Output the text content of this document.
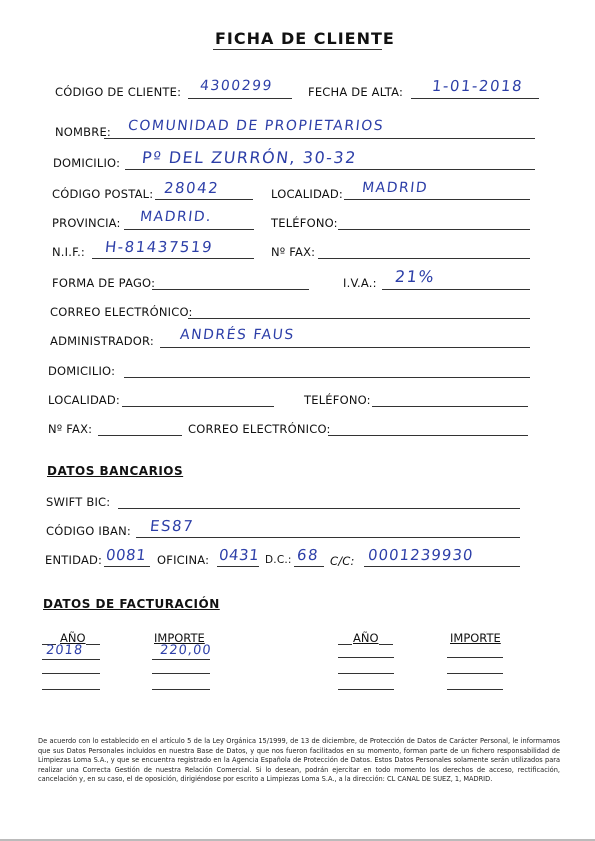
FICHA DE CLIENTE
CÓDIGO DE CLIENTE: 4300299	FECHA DE ALTA: 1-01-2018
NOMBRE: COMUNIDAD DE PROPIETARIOS
DOMICILIO: Pº DEL ZURRÓN, 30-32
CÓDIGO POSTAL: 28042	LOCALIDAD: MADRID
PROVINCIA: MADRID.	TELÉFONO:
N.I.F.: H-81437519	Nº FAX:
FORMA DE PAGO:	I.V.A.: 21%
CORREO ELECTRÓNICO:
ADMINISTRADOR: ANDRÉS FAUS
DOMICILIO:
LOCALIDAD:	TELÉFONO:
Nº FAX:	CORREO ELECTRÓNICO:
DATOS BANCARIOS
SWIFT BIC:
CÓDIGO IBAN: ES87
ENTIDAD: 0081 OFICINA: 0431 D.C.: 68 C/C: 0001239930
DATOS DE FACTURACIÓN
AÑO	IMPORTE	AÑO	IMPORTE
2018	220,00
De acuerdo con lo establecido en el artículo 5 de la Ley Orgánica 15/1999, de 13 de diciembre, de Protección de Datos de Carácter Personal, le informamos que sus Datos Personales incluidos en nuestra Base de Datos, y que nos fueron facilitados en su momento, forman parte de un fichero responsabilidad de Limpiezas Loma S.A., y que se encuentra registrado en la Agencia Española de Protección de Datos. Estos Datos Personales solamente serán utilizados para realizar una Correcta Gestión de nuestra Relación Comercial. Si lo desean, podrán ejercitar en todo momento los derechos de acceso, rectificación, cancelación y, en su caso, el de oposición, dirigiéndose por escrito a Limpiezas Loma S.A., a la dirección: CL CANAL DE SUEZ, 1, MADRID.
